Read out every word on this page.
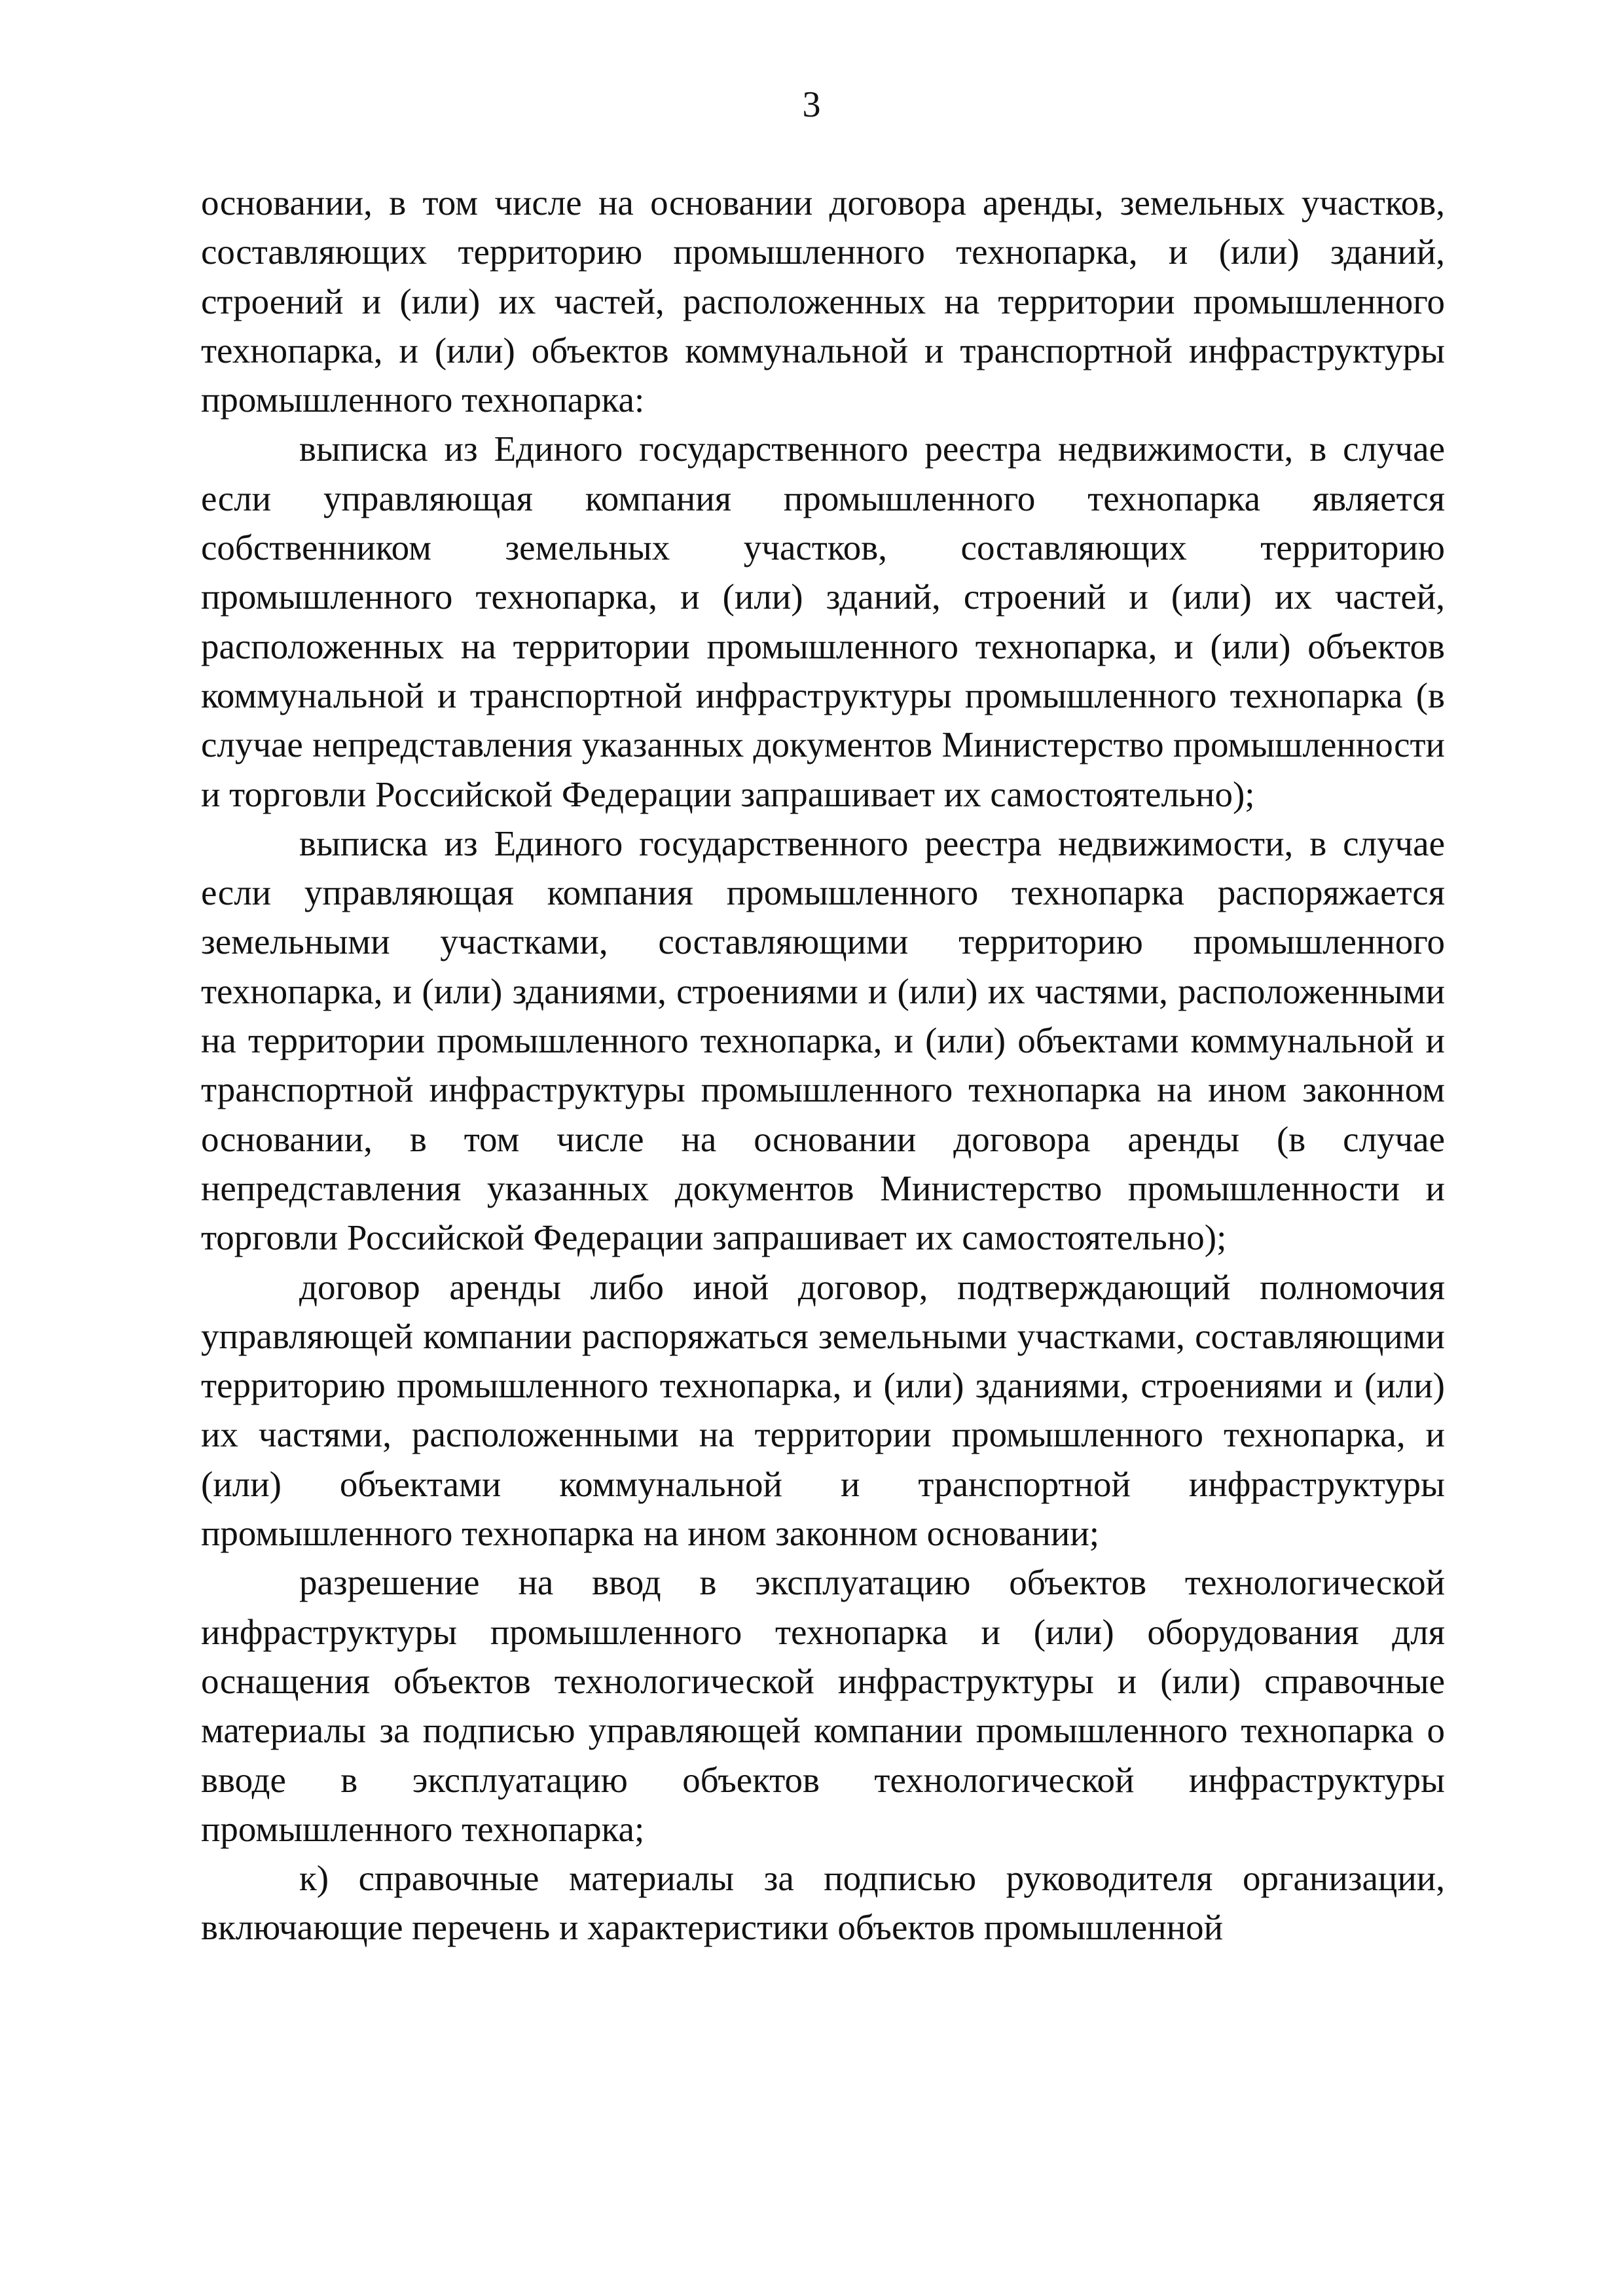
3

основании, в том числе на основании договора аренды, земельных участков, составляющих территорию промышленного технопарка, и (или) зданий, строений и (или) их частей, расположенных на территории промышленного технопарка, и (или) объектов коммунальной и транспортной инфраструктуры промышленного технопарка:

выписка из Единого государственного реестра недвижимости, в случае если управляющая компания промышленного технопарка является собственником земельных участков, составляющих территорию промышленного технопарка, и (или) зданий, строений и (или) их частей, расположенных на территории промышленного технопарка, и (или) объектов коммунальной и транспортной инфраструктуры промышленного технопарка (в случае непредставления указанных документов Министерство промышленности и торговли Российской Федерации запрашивает их самостоятельно);

выписка из Единого государственного реестра недвижимости, в случае если управляющая компания промышленного технопарка распоряжается земельными участками, составляющими территорию промышленного технопарка, и (или) зданиями, строениями и (или) их частями, расположенными на территории промышленного технопарка, и (или) объектами коммунальной и транспортной инфраструктуры промышленного технопарка на ином законном основании, в том числе на основании договора аренды (в случае непредставления указанных документов Министерство промышленности и торговли Российской Федерации запрашивает их самостоятельно);

договор аренды либо иной договор, подтверждающий полномочия управляющей компании распоряжаться земельными участками, составляющими территорию промышленного технопарка, и (или) зданиями, строениями и (или) их частями, расположенными на территории промышленного технопарка, и (или) объектами коммунальной и транспортной инфраструктуры промышленного технопарка на ином законном основании;

разрешение на ввод в эксплуатацию объектов технологической инфраструктуры промышленного технопарка и (или) оборудования для оснащения объектов технологической инфраструктуры и (или) справочные материалы за подписью управляющей компании промышленного технопарка о вводе в эксплуатацию объектов технологической инфраструктуры промышленного технопарка;

к) справочные материалы за подписью руководителя организации, включающие перечень и характеристики объектов промышленной
